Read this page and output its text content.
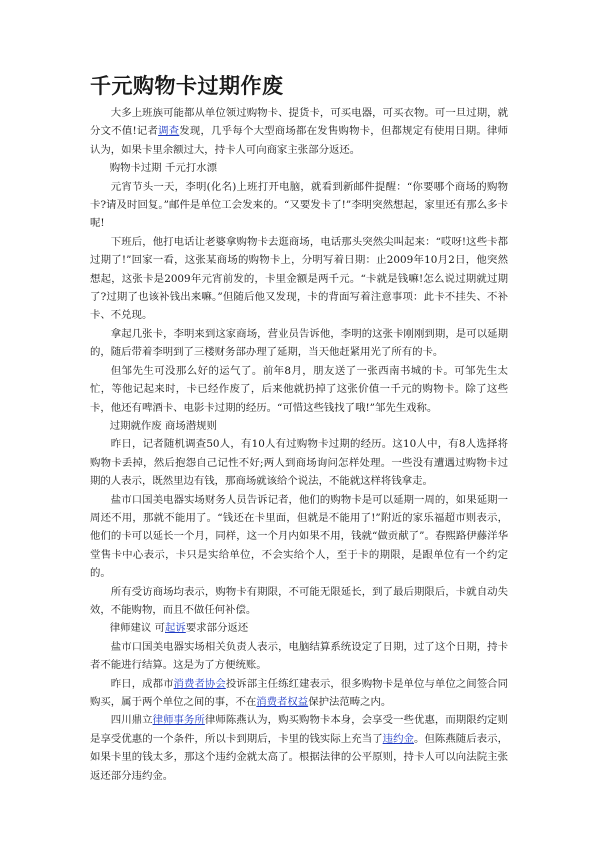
千元购物卡过期作废

大多上班族可能都从单位领过购物卡、提货卡，可买电器，可买衣物。可一旦过期，就分文不值!记者调查发现，几乎每个大型商场都在发售购物卡，但都规定有使用日期。律师认为，如果卡里余额过大，持卡人可向商家主张部分返还。

购物卡过期 千元打水漂

元宵节头一天，李明(化名)上班打开电脑，就看到新邮件提醒：“你要哪个商场的购物卡?请及时回复。”邮件是单位工会发来的。“又要发卡了!”李明突然想起，家里还有那么多卡呢!

下班后，他打电话让老婆拿购物卡去逛商场，电话那头突然尖叫起来：“哎呀!这些卡都过期了!”回家一看，这张某商场的购物卡上，分明写着日期：止2009年10月2日，他突然想起，这张卡是2009年元宵前发的，卡里金额是两千元。“卡就是钱嘛!怎么说过期就过期了?过期了也该补钱出来嘛。”但随后他又发现，卡的背面写着注意事项：此卡不挂失、不补卡、不兑现。

拿起几张卡，李明来到这家商场，营业员告诉他，李明的这张卡刚刚到期，是可以延期的，随后带着李明到了三楼财务部办理了延期，当天他赶紧用光了所有的卡。

但邹先生可没那么好的运气了。前年8月，朋友送了一张西南书城的卡。可邹先生太忙，等他记起来时，卡已经作废了，后来他就扔掉了这张价值一千元的购物卡。除了这些卡，他还有啤酒卡、电影卡过期的经历。“可惜这些钱找了哦!”邹先生戏称。

过期就作废 商场潜规则

昨日，记者随机调查50人，有10人有过购物卡过期的经历。这10人中，有8人选择将购物卡丢掉，然后抱怨自己记性不好;两人到商场询问怎样处理。一些没有遭遇过购物卡过期的人表示，既然里边有钱，那商场就该给个说法，不能就这样将钱拿走。

盐市口国美电器实场财务人员告诉记者，他们的购物卡是可以延期一周的，如果延期一周还不用，那就不能用了。“钱还在卡里面，但就是不能用了!”附近的家乐福超市则表示，他们的卡可以延长一个月，同样，这一个月内如果不用，钱就“做贡献了”。春熙路伊藤洋华堂售卡中心表示，卡只是实给单位，不会实给个人，至于卡的期限，是跟单位有一个约定的。

所有受访商场均表示，购物卡有期限，不可能无限延长，到了最后期限后，卡就自动失效，不能购物，而且不做任何补偿。

律师建议 可起诉要求部分返还

盐市口国美电器实场相关负责人表示，电脑结算系统设定了日期，过了这个日期，持卡者不能进行结算。这是为了方便统账。

昨日，成都市消费者协会投诉部主任练红建表示，很多购物卡是单位与单位之间签合同购买，属于两个单位之间的事，不在消费者权益保护法范畴之内。

四川鼎立律师事务所律师陈燕认为，购买购物卡本身，会享受一些优惠，而期限约定则是享受优惠的一个条件，所以卡到期后，卡里的钱实际上充当了违约金。但陈燕随后表示，如果卡里的钱太多，那这个违约金就太高了。根据法律的公平原则，持卡人可以向法院主张返还部分违约金。
